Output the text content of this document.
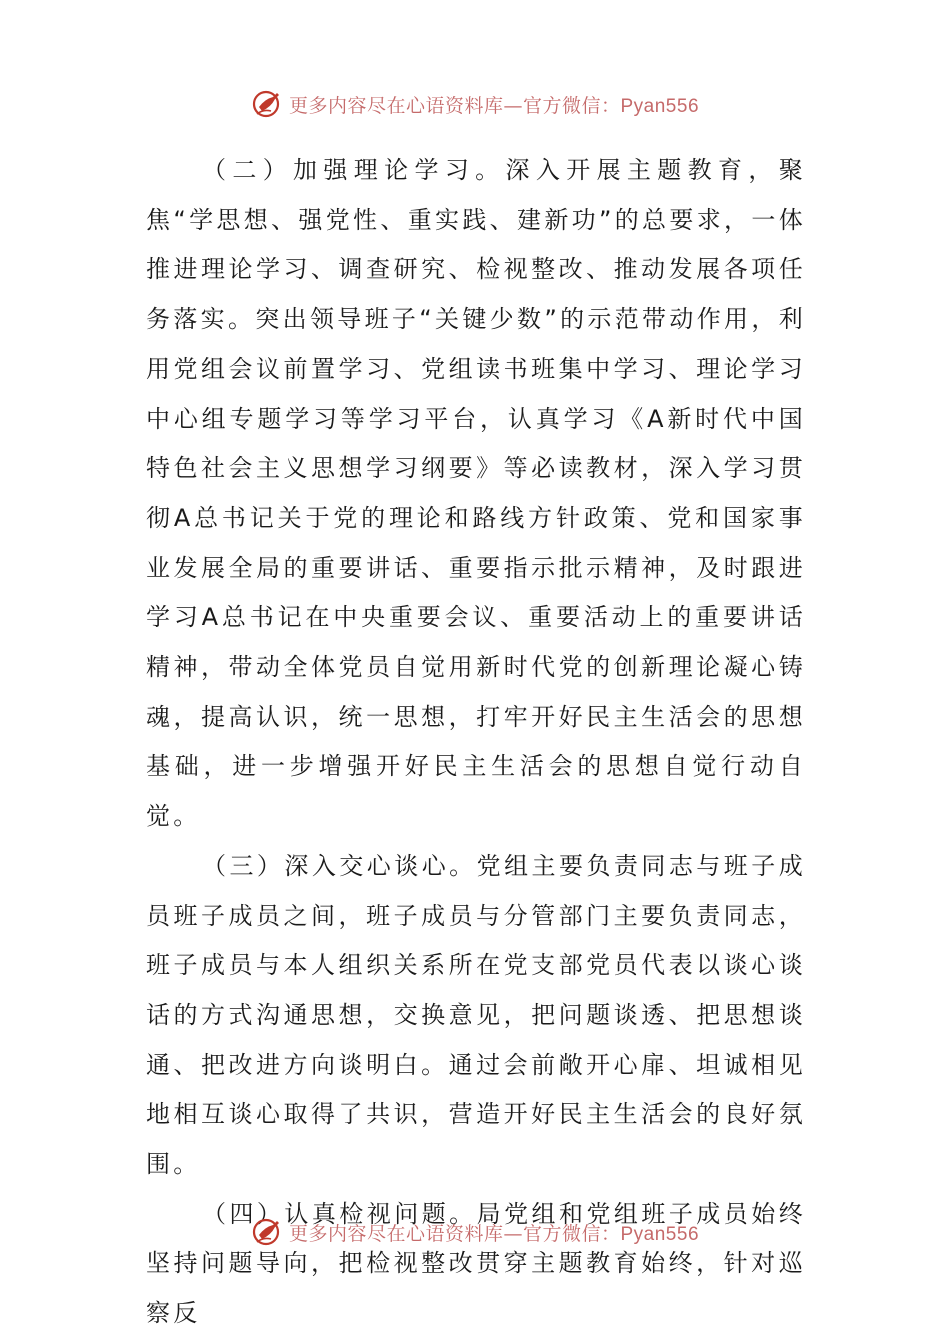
更多内容尽在心语资料库—官方微信：Pyan556

（二）加强理论学习。深入开展主题教育，聚焦“学思想、强党性、重实践、建新功”的总要求，一体推进理论学习、调查研究、检视整改、推动发展各项任务落实。突出领导班子“关键少数”的示范带动作用，利用党组会议前置学习、党组读书班集中学习、理论学习中心组专题学习等学习平台，认真学习《A新时代中国特色社会主义思想学习纲要》等必读教材，深入学习贯彻A总书记关于党的理论和路线方针政策、党和国家事业发展全局的重要讲话、重要指示批示精神，及时跟进学习A总书记在中央重要会议、重要活动上的重要讲话精神，带动全体党员自觉用新时代党的创新理论凝心铸魂，提高认识，统一思想，打牢开好民主生活会的思想基础，进一步增强开好民主生活会的思想自觉行动自觉。

（三）深入交心谈心。党组主要负责同志与班子成员班子成员之间，班子成员与分管部门主要负责同志，班子成员与本人组织关系所在党支部党员代表以谈心谈话的方式沟通思想，交换意见，把问题谈透、把思想谈通、把改进方向谈明白。通过会前敞开心扉、坦诚相见地相互谈心取得了共识，营造开好民主生活会的良好氛围。

（四）认真检视问题。局党组和党组班子成员始终坚持问题导向，把检视整改贯穿主题教育始终，针对巡察反

更多内容尽在心语资料库—官方微信：Pyan556
